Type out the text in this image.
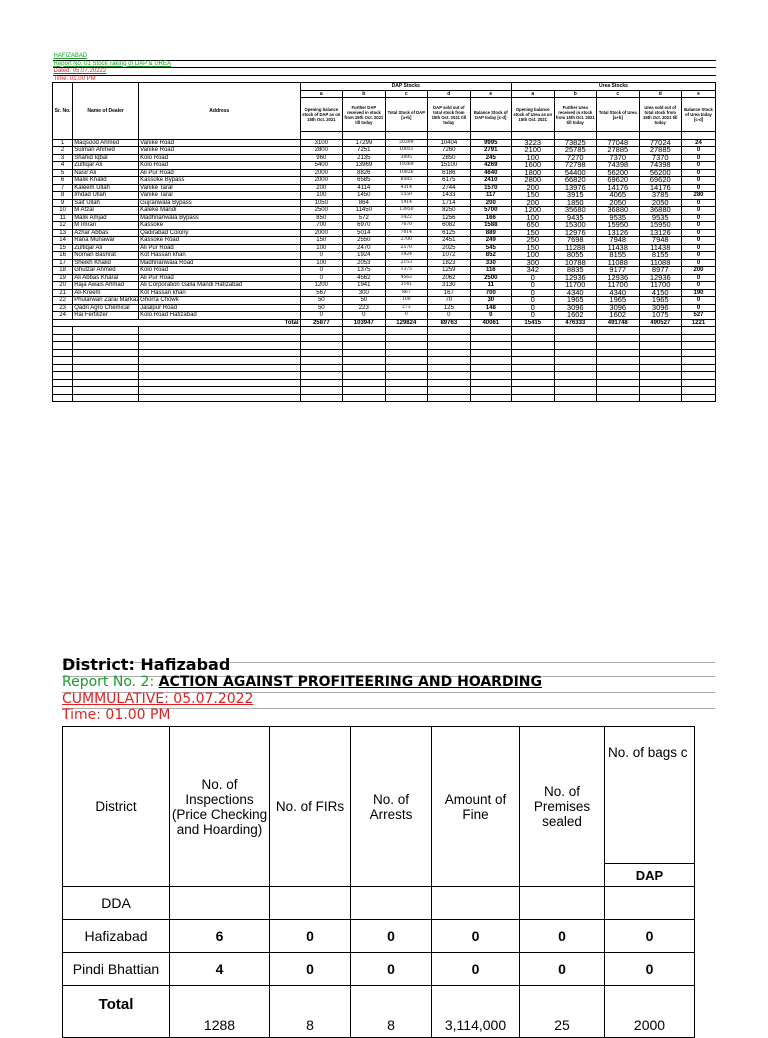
HAFIZABAD												
Report No. 01 Stock Taking of DAP & UREA												
Dated: 05.07.20222												
Time: 01.00 PM												
Sr. No.	Name of Dealer	Address	DAP Stocks					Urea Stocks				
			a	b	c	d	e	a	b	c	d	e
			Opening balance stock of DAP as on 15th Oct. 2021	Further DAP received in stock from 15th Oct. 2021 till today	Total Stock of DAP [a+b]	DAP sold out of total stock from 15th Oct. 2021 till today	Balance Stock of DAP today [c-d]	Opening balance stock of Urea as on 15th Oct. 2021	Further Urea received in stock from 15th Oct. 2021 till today	Total Stock of Urea [a+b]	Urea sold out of total stock from 15th Oct. 2021 till today	Balance Stock of Urea today [c-d]

1	Maqsood Ahmed	Vanike Road	3100	17299	20399	10404	9995	3223	73825	77048	77024	24
2	Sulman Ahmed	Vanike Road	2800	7251	10051	7260	2791	2100	25785	27885	27885	0
3	Shahid Iqbal	Kolo Road	960	2135	3095	2850	245	100	7270	7370	7370	0
4	Zulfiqar Ali	Kolo Road	5400	13969	19369	15100	4269	1600	72798	74398	74398	0
5	Nasir Ali	Ali Pur Road	2000	8826	10826	6186	4640	1800	54400	56200	56200	0
6	Malik Khalid	Kassoke Bypass	2000	6585	8585	6175	2410	2800	66820	69620	69620	0
7	Kaleem Ullah	Vanike Tarar	200	4114	4314	2744	1570	200	13976	14176	14176	0
8	Imdad Ullah	Vanike Tarar	100	1450	1550	1433	117	150	3915	4065	3785	280
9	Saif Ullah	Gujranwala Bypass	1050	864	1914	1714	200	200	1850	2050	2050	0
10	M Afzal	Kaleke Mandi	2500	11450	13950	8250	5700	1200	35680	36880	36880	0
11	Malik Amjad	Madhnanwala Bypass	850	572	1422	1256	166	100	9435	9535	9535	0
12	M Imran	Kassoke	700	6970	7670	6082	1588	650	15300	15950	15950	0
13	Azhar Abbas	Qadirabad Colony	2000	5014	7014	6125	889	150	12976	13126	13126	0
14	Rana Munawar	Kassoke Road	150	2550	2700	2451	249	250	7698	7948	7948	0
15	Zulfiqar Ali	Ali Pur Road	100	2470	2570	2025	545	150	11288	11438	11438	0
16	Noman Bashrat	Kot Hassan khan	0	1924	1924	1072	852	100	8055	8155	8155	0
17	Sheikh Khalid	Madhnanwala Road	100	2053	2153	1823	330	300	10788	11088	11088	0
18	Ghulzar Ahmed	Kolo Road	0	1375	1375	1259	116	342	8835	9177	8977	200
19	Ali Abbas Kharal	Ali Pur Road	0	4562	4562	2062	2500	0	12936	12936	12936	0
20	Raja Awais Ahmad	Ali Corporation Galla Mandi Hafizabad	1200	1941	3141	3130	11	0	11700	11700	11700	0
21	Ali-Kreem	Kot Hassan khan	567	300	867	167	700	0	4340	4340	4150	190
22	Phularwan Zarai Markaz	Ghorra Chowk	50	50	100	70	30	0	1965	1965	1965	0
23	Qadri Agro Chemical	Jalalpur Road	50	223	273	125	148	0	3096	3096	3096	0
24	Rai Fertilizer	Kolo Road Hafizabad	0	0	0	0	0	0	1602	1602	1075	527
Total			25877	103947	129824	89763	40061	15415	476333	491748	490527	1221

District: Hafizabad
Report No. 2: ACTION AGAINST PROFITEERING AND HOARDING
CUMMULATIVE: 05.07.2022
Time: 01.00 PM
District	No. of Inspections (Price Checking and Hoarding)	No. of FIRs	No. of Arrests	Amount of Fine	No. of Premises sealed	No. of bags c
						DAP
DDA						
Hafizabad	6	0	0	0	0	0
Pindi Bhattian	4	0	0	0	0	0
Total	1288	8	8	3,114,000	25	2000
